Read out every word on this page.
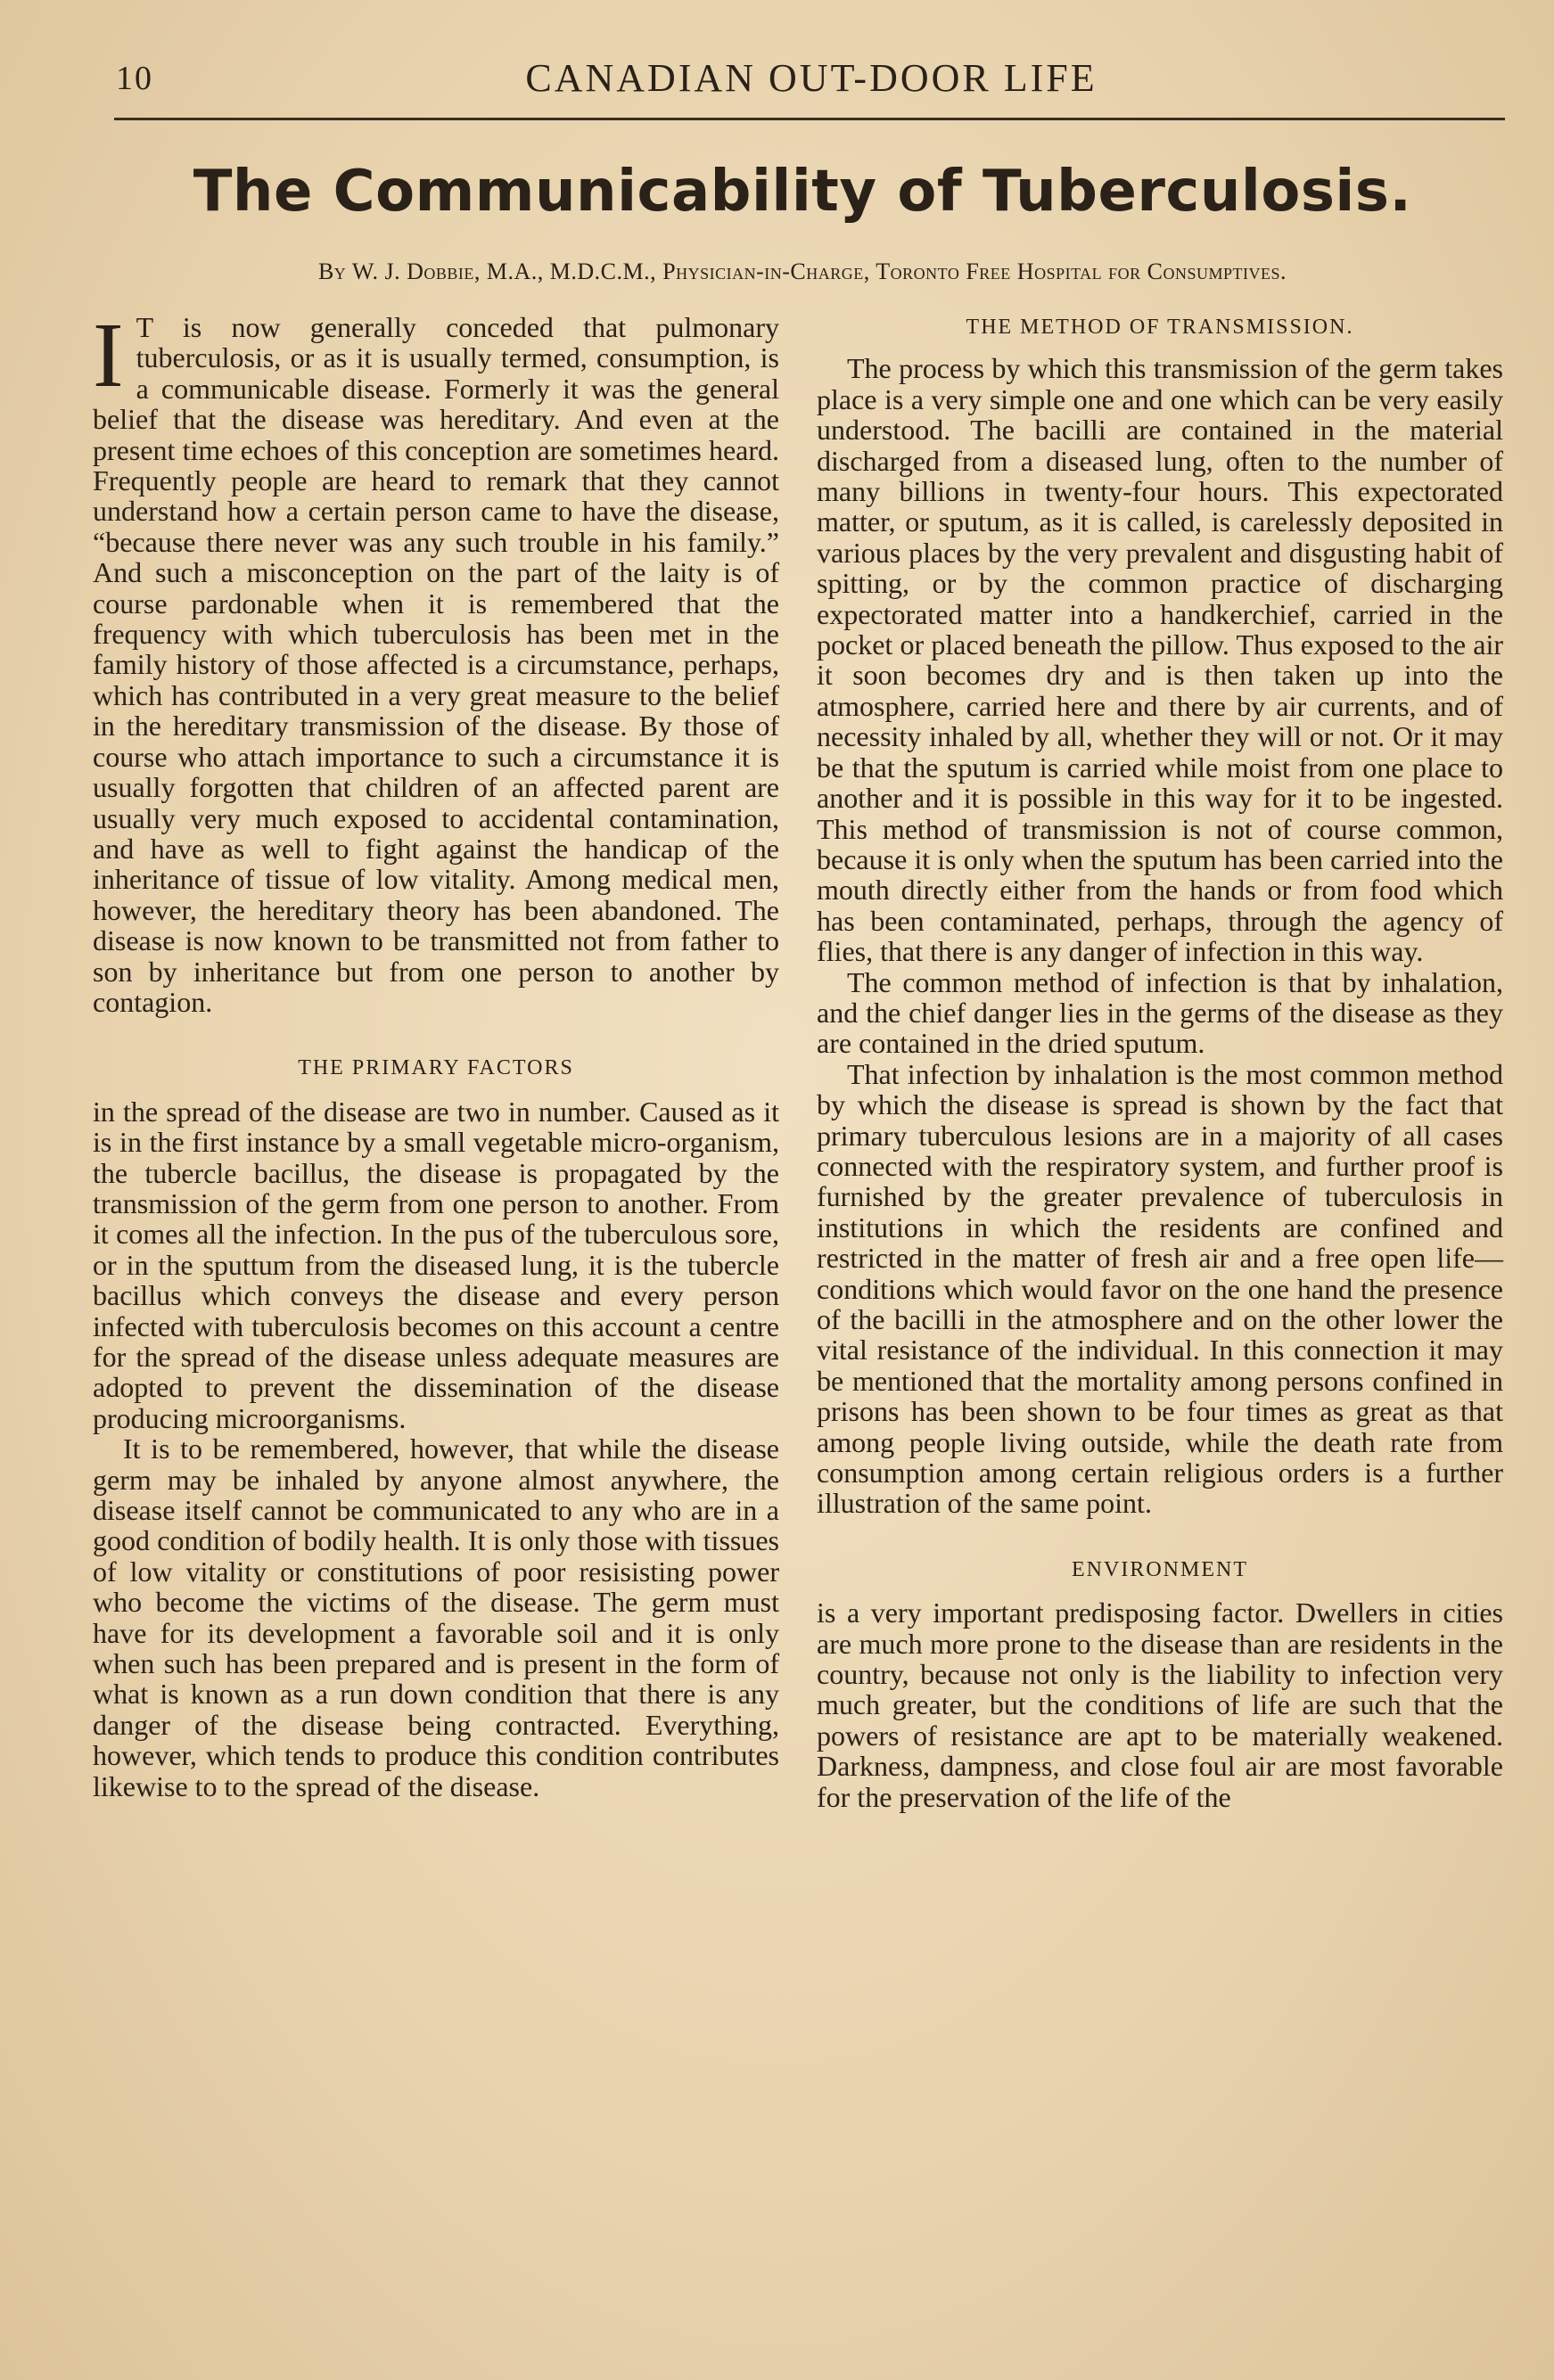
10	CANADIAN OUT-DOOR LIFE
The Communicability of Tuberculosis.
By W. J. Dobbie, M.A., M.D.C.M., Physician-in-Charge, Toronto Free Hospital for Consumptives.

I T is now generally conceded that pulmonary tuberculosis, or as it is usually termed, consumption, is a communicable disease. Formerly it was the general belief that the disease was hereditary. And even at the present time echoes of this conception are sometimes heard. Frequently people are heard to remark that they cannot understand how a certain person came to have the disease, “because there never was any such trouble in his family.” And such a misconception on the part of the laity is of course pardonable when it is remembered that the frequency with which tuberculosis has been met in the family history of those affected is a circumstance, perhaps, which has contributed in a very great measure to the belief in the hereditary transmission of the disease. By those of course who attach importance to such a circumstance it is usually forgotten that children of an affected parent are usually very much exposed to accidental contamination, and have as well to fight against the handicap of the inheritance of tissue of low vitality. Among medical men, however, the hereditary theory has been abandoned. The disease is now known to be transmitted not from father to son by inheritance but from one person to another by contagion.

THE PRIMARY FACTORS

in the spread of the disease are two in number. Caused as it is in the first instance by a small vegetable micro-organism, the tubercle bacillus, the disease is propagated by the transmission of the germ from one person to another. From it comes all the infection. In the pus of the tuberculous sore, or in the sputtum from the diseased lung, it is the tubercle bacillus which conveys the disease and every person infected with tuberculosis becomes on this account a centre for the spread of the disease unless adequate measures are adopted to prevent the dissemination of the disease producing microorganisms.

It is to be remembered, however, that while the disease germ may be inhaled by anyone almost anywhere, the disease itself cannot be communicated to any who are in a good condition of bodily health. It is only those with tissues of low vitality or constitutions of poor resisisting power who become the victims of the disease. The germ must have for its development a favorable soil and it is only when such has been prepared and is present in the form of what is known as a run down condition that there is any danger of the disease being contracted. Everything, however, which tends to produce this condition contributes likewise to to the spread of the disease.

THE METHOD OF TRANSMISSION.

The process by which this transmission of the germ takes place is a very simple one and one which can be very easily understood. The bacilli are contained in the material discharged from a diseased lung, often to the number of many billions in twenty-four hours. This expectorated matter, or sputum, as it is called, is carelessly deposited in various places by the very prevalent and disgusting habit of spitting, or by the common practice of discharging expectorated matter into a handkerchief, carried in the pocket or placed beneath the pillow. Thus exposed to the air it soon becomes dry and is then taken up into the atmosphere, carried here and there by air currents, and of necessity inhaled by all, whether they will or not. Or it may be that the sputum is carried while moist from one place to another and it is possible in this way for it to be ingested. This method of transmission is not of course common, because it is only when the sputum has been carried into the mouth directly either from the hands or from food which has been contaminated, perhaps, through the agency of flies, that there is any danger of infection in this way.

The common method of infection is that by inhalation, and the chief danger lies in the germs of the disease as they are contained in the dried sputum.

That infection by inhalation is the most common method by which the disease is spread is shown by the fact that primary tuberculous lesions are in a majority of all cases connected with the respiratory system, and further proof is furnished by the greater prevalence of tuberculosis in institutions in which the residents are confined and restricted in the matter of fresh air and a free open life— conditions which would favor on the one hand the presence of the bacilli in the atmosphere and on the other lower the vital resistance of the individual. In this connection it may be mentioned that the mortality among persons confined in prisons has been shown to be four times as great as that among people living outside, while the death rate from consumption among certain religious orders is a further illustration of the same point.

ENVIRONMENT

is a very important predisposing factor. Dwellers in cities are much more prone to the disease than are residents in the country, because not only is the liability to infection very much greater, but the conditions of life are such that the powers of resistance are apt to be materially weakened. Darkness, dampness, and close foul air are most favorable for the preservation of the life of the
